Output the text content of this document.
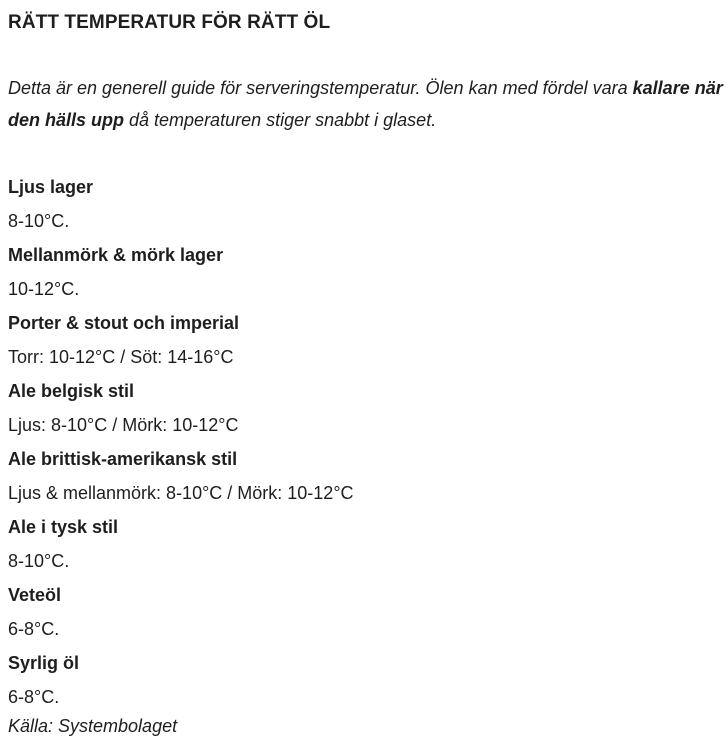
RÄTT TEMPERATUR FÖR RÄTT ÖL

Detta är en generell guide för serveringstemperatur. Ölen kan med fördel vara kallare när den hälls upp då temperaturen stiger snabbt i glaset.

Ljus lager
8-10°C.
Mellanmörk & mörk lager
10-12°C.
Porter & stout och imperial
Torr: 10-12°C / Söt: 14-16°C
Ale belgisk stil
Ljus: 8-10°C / Mörk: 10-12°C
Ale brittisk-amerikansk stil
Ljus & mellanmörk: 8-10°C / Mörk: 10-12°C
Ale i tysk stil
8-10°C.
Veteöl
6-8°C.
Syrlig öl
6-8°C.

Källa: Systembolaget
